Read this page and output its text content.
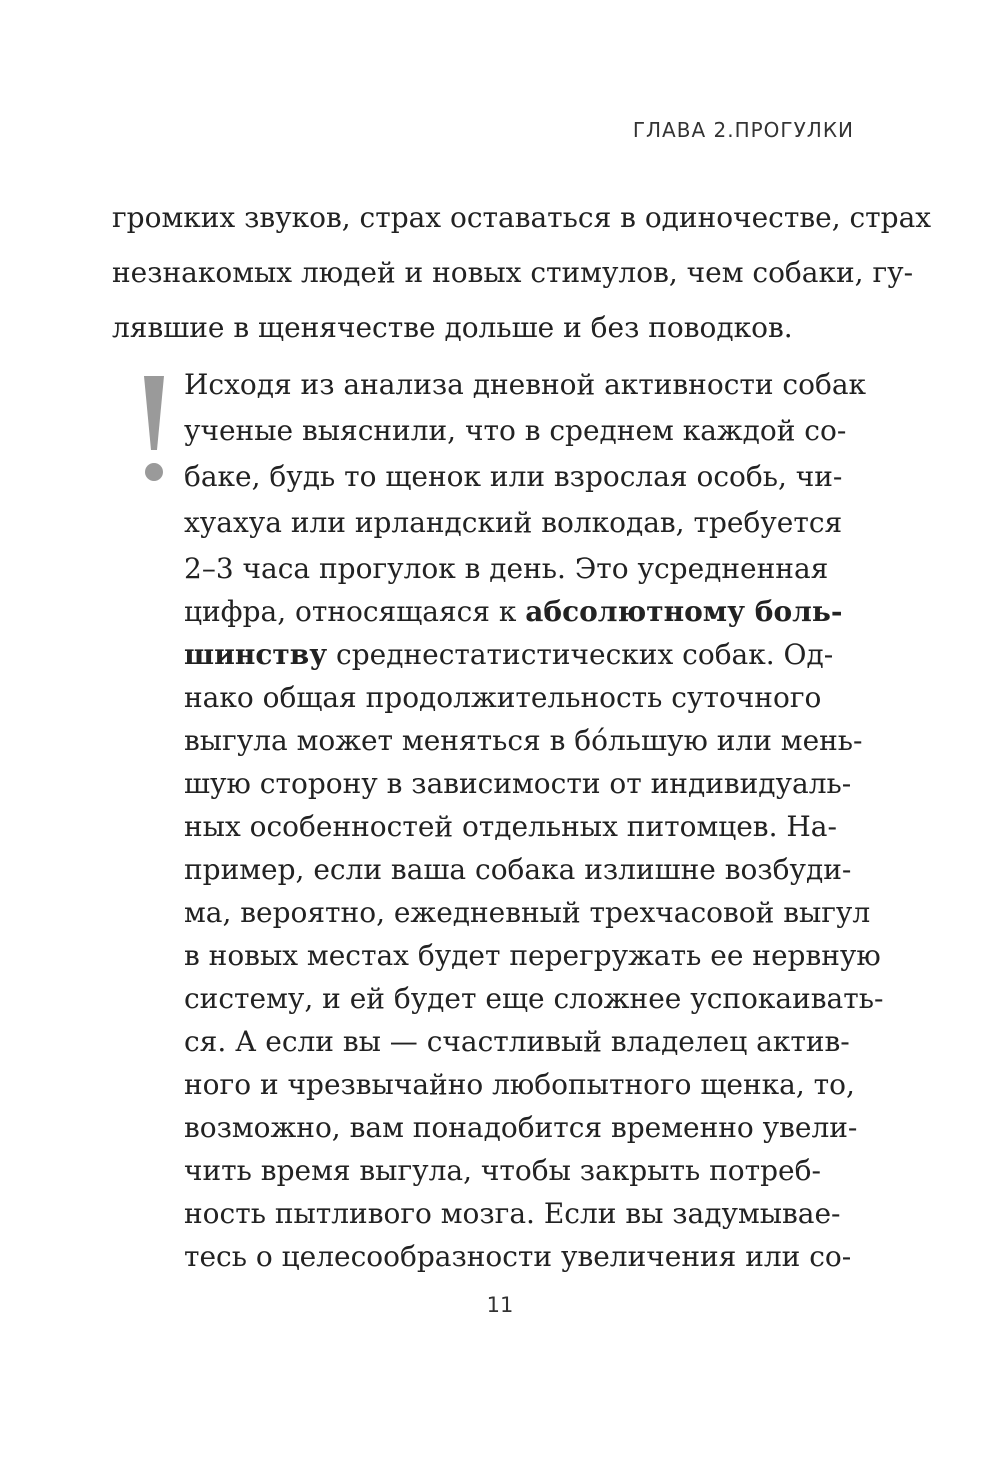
ГЛАВА 2.ПРОГУЛКИ

громких звуков, страх оставаться в одиночестве, страх

незнакомых людей и новых стимулов, чем собаки, гу-

лявшие в щенячестве дольше и без поводков.

Исходя из анализа дневной активности собак

ученые выяснили, что в среднем каждой со-

баке, будь то щенок или взрослая особь, чи-

хуахуа или ирландский волкодав, требуется

2–3 часа прогулок в день. Это усредненная

цифра, относящаяся к абсолютному боль-

шинству среднестатистических собак. Од-

нако общая продолжительность суточного

выгула может меняться в бóльшую или мень-

шую сторону в зависимости от индивидуаль-

ных особенностей отдельных питомцев. На-

пример, если ваша собака излишне возбуди-

ма, вероятно, ежедневный трехчасовой выгул

в новых местах будет перегружать ее нервную

систему, и ей будет еще сложнее успокаивать-

ся. А если вы — счастливый владелец актив-

ного и чрезвычайно любопытного щенка, то,

возможно, вам понадобится временно увели-

чить время выгула, чтобы закрыть потреб-

ность пытливого мозга. Если вы задумывае-

тесь о целесообразности увеличения или со-

11
